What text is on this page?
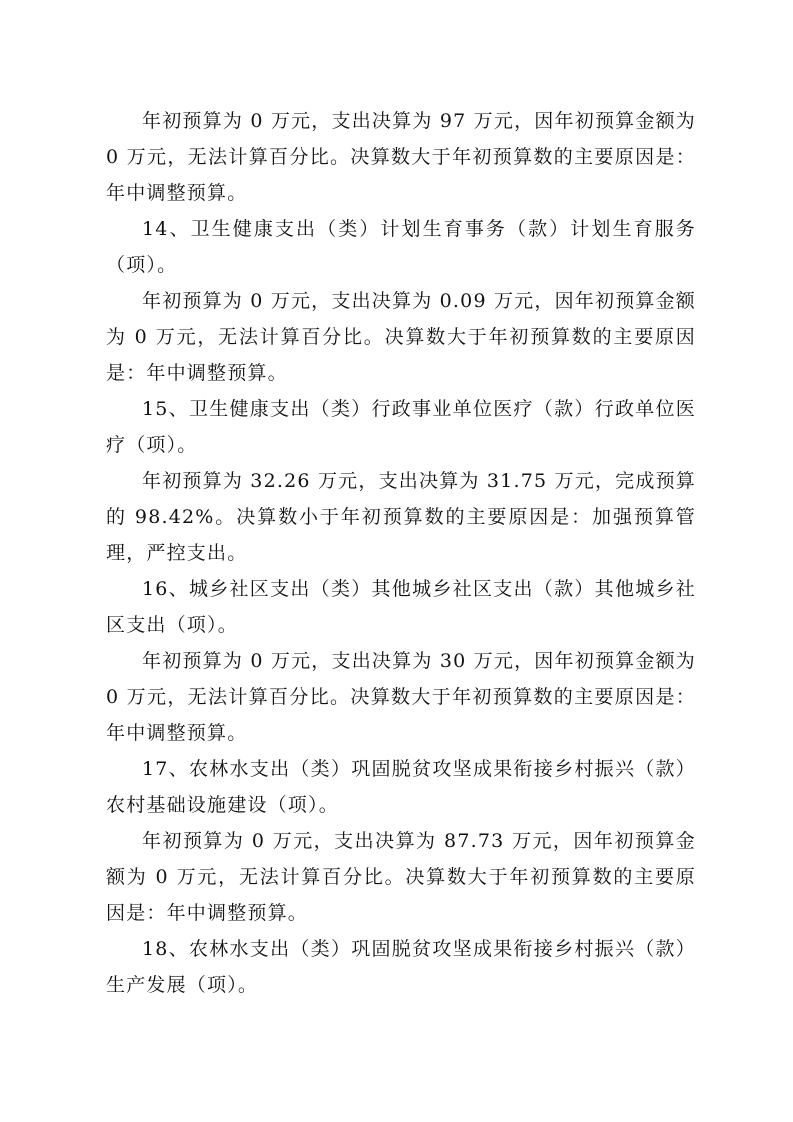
年初预算为 0 万元，支出决算为 97 万元，因年初预算金额为 0 万元，无法计算百分比。决算数大于年初预算数的主要原因是：年中调整预算。

14、卫生健康支出（类）计划生育事务（款）计划生育服务（项）。

年初预算为 0 万元，支出决算为 0.09 万元，因年初预算金额为 0 万元，无法计算百分比。决算数大于年初预算数的主要原因是：年中调整预算。

15、卫生健康支出（类）行政事业单位医疗（款）行政单位医疗（项）。

年初预算为 32.26 万元，支出决算为 31.75 万元，完成预算的 98.42%。决算数小于年初预算数的主要原因是：加强预算管理，严控支出。

16、城乡社区支出（类）其他城乡社区支出（款）其他城乡社区支出（项）。

年初预算为 0 万元，支出决算为 30 万元，因年初预算金额为 0 万元，无法计算百分比。决算数大于年初预算数的主要原因是：年中调整预算。

17、农林水支出（类）巩固脱贫攻坚成果衔接乡村振兴（款）农村基础设施建设（项）。

年初预算为 0 万元，支出决算为 87.73 万元，因年初预算金额为 0 万元，无法计算百分比。决算数大于年初预算数的主要原因是：年中调整预算。

18、农林水支出（类）巩固脱贫攻坚成果衔接乡村振兴（款）生产发展（项）。
